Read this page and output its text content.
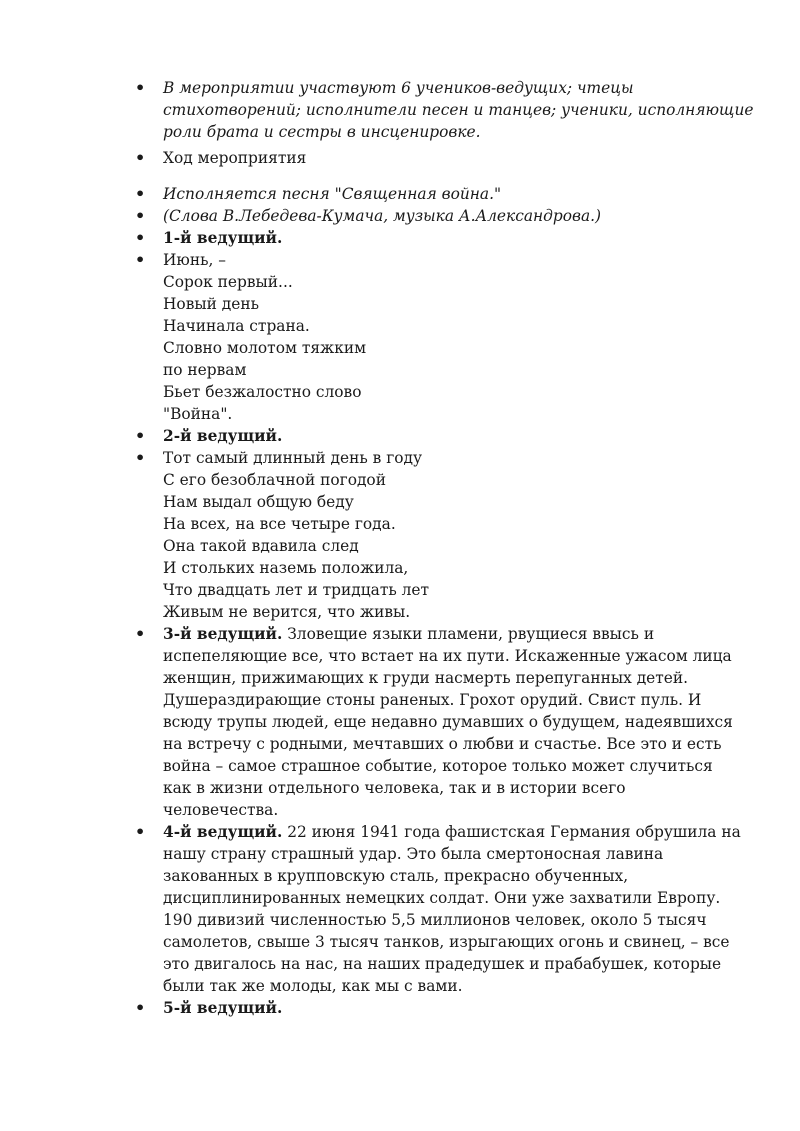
• В мероприятии участвуют 6 учеников-ведущих; чтецы
стихотворений; исполнители песен и танцев; ученики, исполняющие
роли брата и сестры в инсценировке.
• Ход мероприятия
• Исполняется песня "Священная война."
• (Слова В.Лебедева-Кумача, музыка А.Александрова.)
• 1-й ведущий.
• Июнь, –
Сорок первый...
Новый день
Начинала страна.
Словно молотом тяжким
по нервам
Бьет безжалостно слово
"Война".
• 2-й ведущий.
• Тот самый длинный день в году
С его безоблачной погодой
Нам выдал общую беду
На всех, на все четыре года.
Она такой вдавила след
И стольких наземь положила,
Что двадцать лет и тридцать лет
Живым не верится, что живы.
• 3-й ведущий. Зловещие языки пламени, рвущиеся ввысь и
испепеляющие все, что встает на их пути. Искаженные ужасом лица
женщин, прижимающих к груди насмерть перепуганных детей.
Душераздирающие стоны раненых. Грохот орудий. Свист пуль. И
всюду трупы людей, еще недавно думавших о будущем, надеявшихся
на встречу с родными, мечтавших о любви и счастье. Все это и есть
война – самое страшное событие, которое только может случиться
как в жизни отдельного человека, так и в истории всего
человечества.
• 4-й ведущий. 22 июня 1941 года фашистская Германия обрушила на
нашу страну страшный удар. Это была смертоносная лавина
закованных в крупповскую сталь, прекрасно обученных,
дисциплинированных немецких солдат. Они уже захватили Европу.
190 дивизий численностью 5,5 миллионов человек, около 5 тысяч
самолетов, свыше 3 тысяч танков, изрыгающих огонь и свинец, – все
это двигалось на нас, на наших прадедушек и прабабушек, которые
были так же молоды, как мы с вами.
• 5-й ведущий.
